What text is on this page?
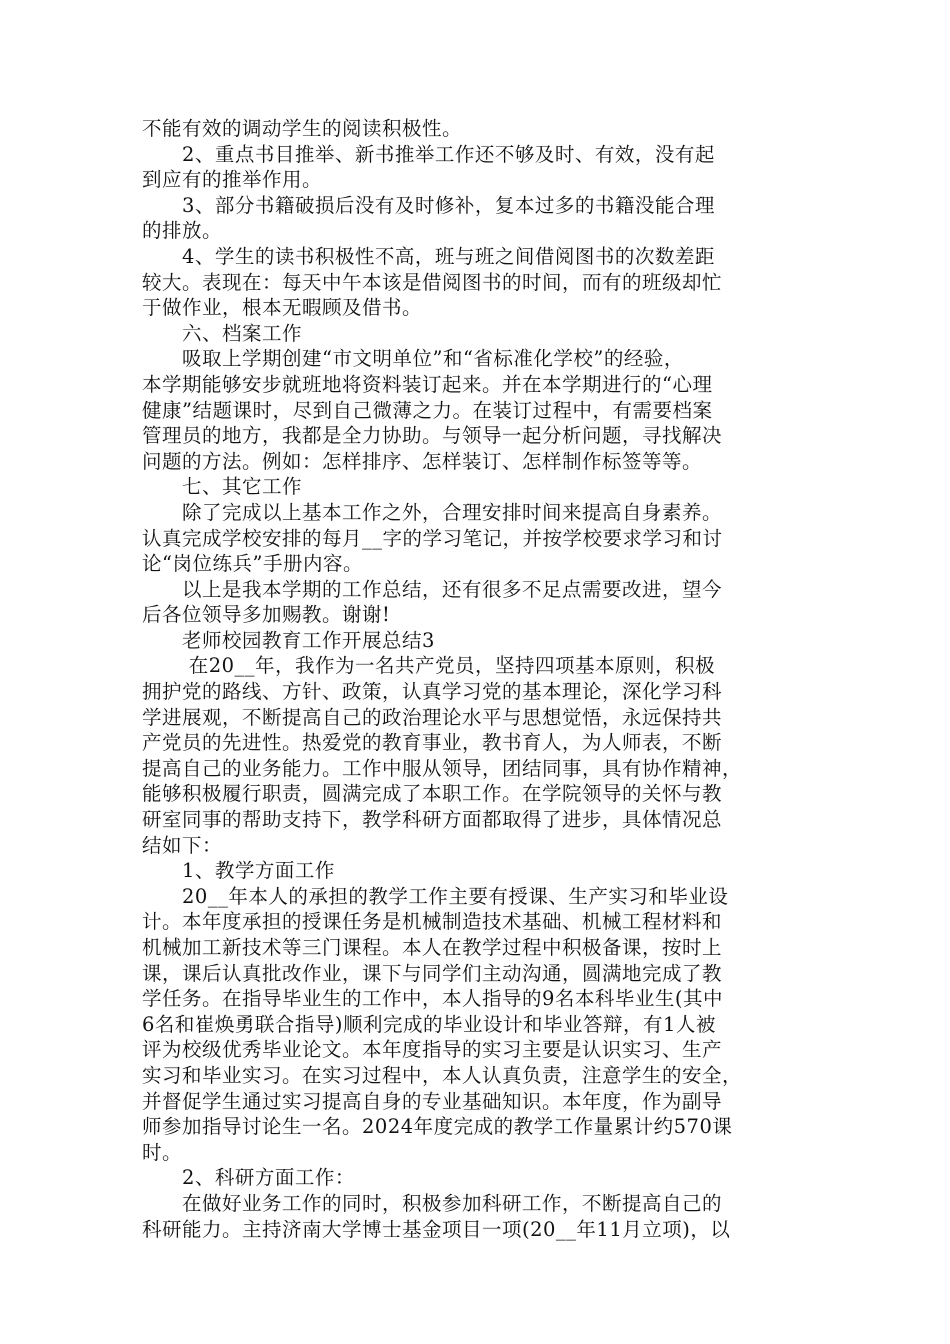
不能有效的调动学生的阅读积极性。
　　2、重点书目推举、新书推举工作还不够及时、有效，没有起
到应有的推举作用。
　　3、部分书籍破损后没有及时修补，复本过多的书籍没能合理
的排放。
　　4、学生的读书积极性不高，班与班之间借阅图书的次数差距
较大。表现在：每天中午本该是借阅图书的时间，而有的班级却忙
于做作业，根本无暇顾及借书。
　　六、档案工作
　　吸取上学期创建“市文明单位”和“省标准化学校”的经验，
本学期能够安步就班地将资料装订起来。并在本学期进行的“心理
健康”结题课时，尽到自己微薄之力。在装订过程中，有需要档案
管理员的地方，我都是全力协助。与领导一起分析问题，寻找解决
问题的方法。例如：怎样排序、怎样装订、怎样制作标签等等。
　　七、其它工作
　　除了完成以上基本工作之外，合理安排时间来提高自身素养。
认真完成学校安排的每月__字的学习笔记，并按学校要求学习和讨
论“岗位练兵”手册内容。
　　以上是我本学期的工作总结，还有很多不足点需要改进，望今
后各位领导多加赐教。谢谢!
　　老师校园教育工作开展总结3
　　 在20__年，我作为一名共产党员，坚持四项基本原则，积极
拥护党的路线、方针、政策，认真学习党的基本理论，深化学习科
学进展观，不断提高自己的政治理论水平与思想觉悟，永远保持共
产党员的先进性。热爱党的教育事业，教书育人，为人师表，不断
提高自己的业务能力。工作中服从领导，团结同事，具有协作精神，
能够积极履行职责，圆满完成了本职工作。在学院领导的关怀与教
研室同事的帮助支持下，教学科研方面都取得了进步，具体情况总
结如下：
　　1、教学方面工作
　　20__年本人的承担的教学工作主要有授课、生产实习和毕业设
计。本年度承担的授课任务是机械制造技术基础、机械工程材料和
机械加工新技术等三门课程。本人在教学过程中积极备课，按时上
课，课后认真批改作业，课下与同学们主动沟通，圆满地完成了教
学任务。在指导毕业生的工作中，本人指导的9名本科毕业生(其中
6名和崔焕勇联合指导)顺利完成的毕业设计和毕业答辩，有1人被
评为校级优秀毕业论文。本年度指导的实习主要是认识实习、生产
实习和毕业实习。在实习过程中，本人认真负责，注意学生的安全，
并督促学生通过实习提高自身的专业基础知识。本年度，作为副导
师参加指导讨论生一名。2024年度完成的教学工作量累计约570课
时。
　　2、科研方面工作：
　　在做好业务工作的同时，积极参加科研工作，不断提高自己的
科研能力。主持济南大学博士基金项目一项(20__年11月立项)，以
